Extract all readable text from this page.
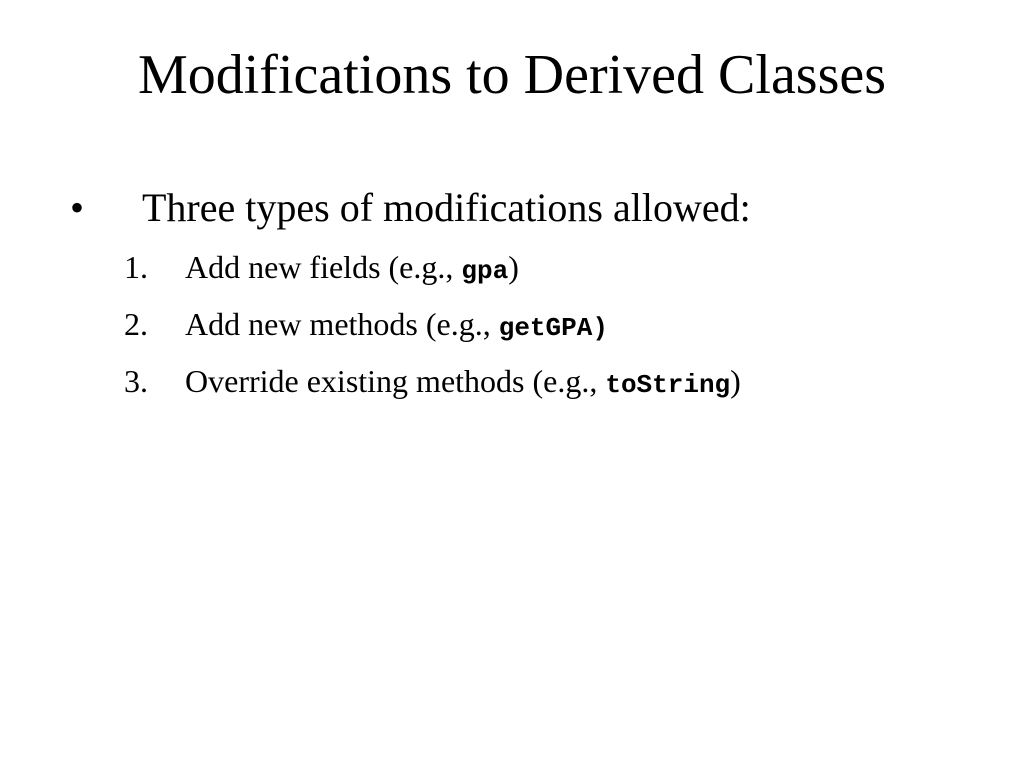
Modifications to Derived Classes
• Three types of modifications allowed:
1. Add new fields (e.g., gpa)
2. Add new methods (e.g., getGPA)
3. Override existing methods (e.g., toString)
